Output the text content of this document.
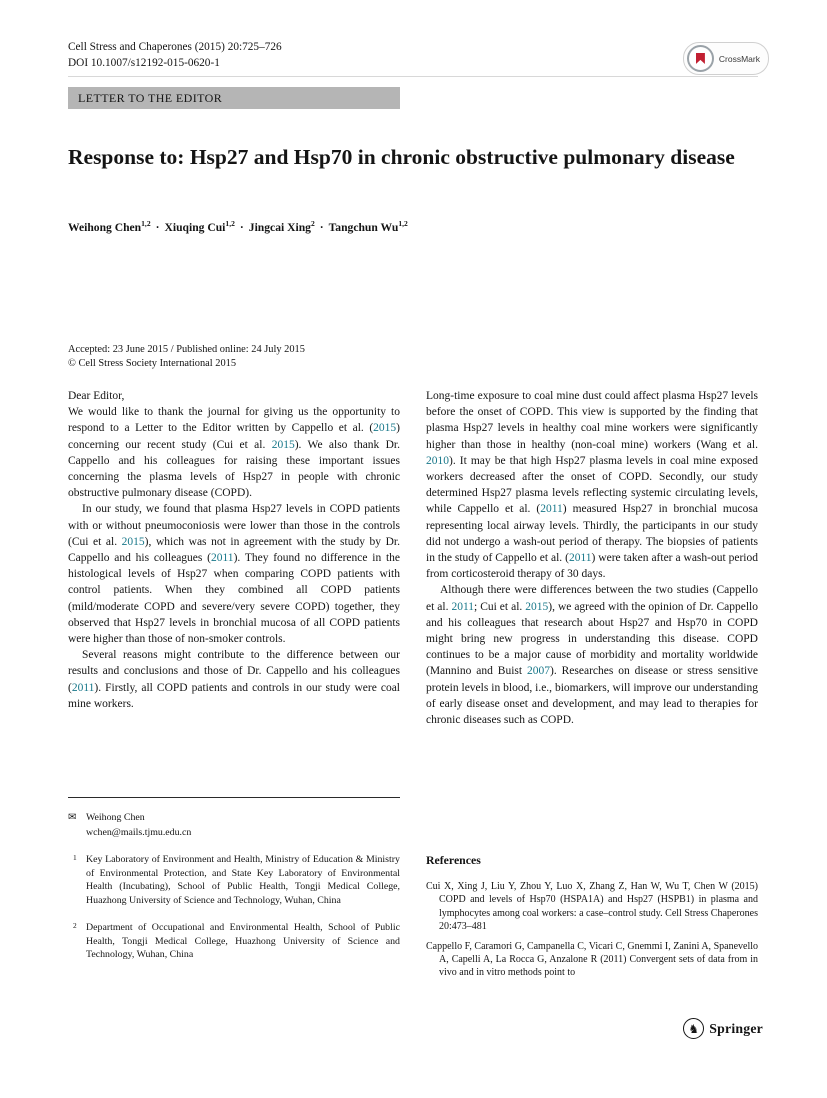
Cell Stress and Chaperones (2015) 20:725–726
DOI 10.1007/s12192-015-0620-1	CrossMark
LETTER TO THE EDITOR
Response to: Hsp27 and Hsp70 in chronic obstructive pulmonary disease
Weihong Chen$^{1,2}$ · Xiuqing Cui$^{1,2}$ · Jingcai Xing$^2$ · Tangchun Wu$^{1,2}$
Accepted: 23 June 2015 / Published online: 24 July 2015
© Cell Stress Society International 2015

Dear Editor,

We would like to thank the journal for giving us the opportunity to respond to a Letter to the Editor written by Cappello et al. (2015) concerning our recent study (Cui et al. 2015). We also thank Dr. Cappello and his colleagues for raising these important issues concerning the plasma levels of Hsp27 in people with chronic obstructive pulmonary disease (COPD).

In our study, we found that plasma Hsp27 levels in COPD patients with or without pneumoconiosis were lower than those in the controls (Cui et al. 2015), which was not in agreement with the study by Dr. Cappello and his colleagues (2011). They found no difference in the histological levels of Hsp27 when comparing COPD patients with control patients. When they combined all COPD patients (mild/moderate COPD and severe/very severe COPD) together, they observed that Hsp27 levels in bronchial mucosa of all COPD patients were higher than those of non-smoker controls.

Several reasons might contribute to the difference between our results and conclusions and those of Dr. Cappello and his colleagues (2011). Firstly, all COPD patients and controls in our study were coal mine workers.

Long-time exposure to coal mine dust could affect plasma Hsp27 levels before the onset of COPD. This view is supported by the finding that plasma Hsp27 levels in healthy coal mine workers were significantly higher than those in healthy (non-coal mine) workers (Wang et al. 2010). It may be that high Hsp27 plasma levels in coal mine exposed workers decreased after the onset of COPD. Secondly, our study determined Hsp27 plasma levels reflecting systemic circulating levels, while Cappello et al. (2011) measured Hsp27 in bronchial mucosa representing local airway levels. Thirdly, the participants in our study did not undergo a wash-out period of therapy. The biopsies of patients in the study of Cappello et al. (2011) were taken after a wash-out period from corticosteroid therapy of 30 days.

Although there were differences between the two studies (Cappello et al. 2011; Cui et al. 2015), we agreed with the opinion of Dr. Cappello and his colleagues that research about Hsp27 and Hsp70 in COPD might bring new progress in understanding this disease. COPD continues to be a major cause of morbidity and mortality worldwide (Mannino and Buist 2007). Researches on disease or stress sensitive protein levels in blood, i.e., biomarkers, will improve our understanding of early disease onset and development, and may lead to therapies for chronic diseases such as COPD.

✉ Weihong Chen
wchen@mails.tjmu.edu.cn
1 Key Laboratory of Environment and Health, Ministry of Education & Ministry of Environmental Protection, and State Key Laboratory of Environmental Health (Incubating), School of Public Health, Tongji Medical College, Huazhong University of Science and Technology, Wuhan, China
2 Department of Occupational and Environmental Health, School of Public Health, Tongji Medical College, Huazhong University of Science and Technology, Wuhan, China
References

Cui X, Xing J, Liu Y, Zhou Y, Luo X, Zhang Z, Han W, Wu T, Chen W (2015) COPD and levels of Hsp70 (HSPA1A) and Hsp27 (HSPB1) in plasma and lymphocytes among coal workers: a case–control study. Cell Stress Chaperones 20:473–481

Cappello F, Caramori G, Campanella C, Vicari C, Gnemmi I, Zanini A, Spanevello A, Capelli A, La Rocca G, Anzalone R (2011) Convergent sets of data from in vivo and in vitro methods point to

♞ Springer
